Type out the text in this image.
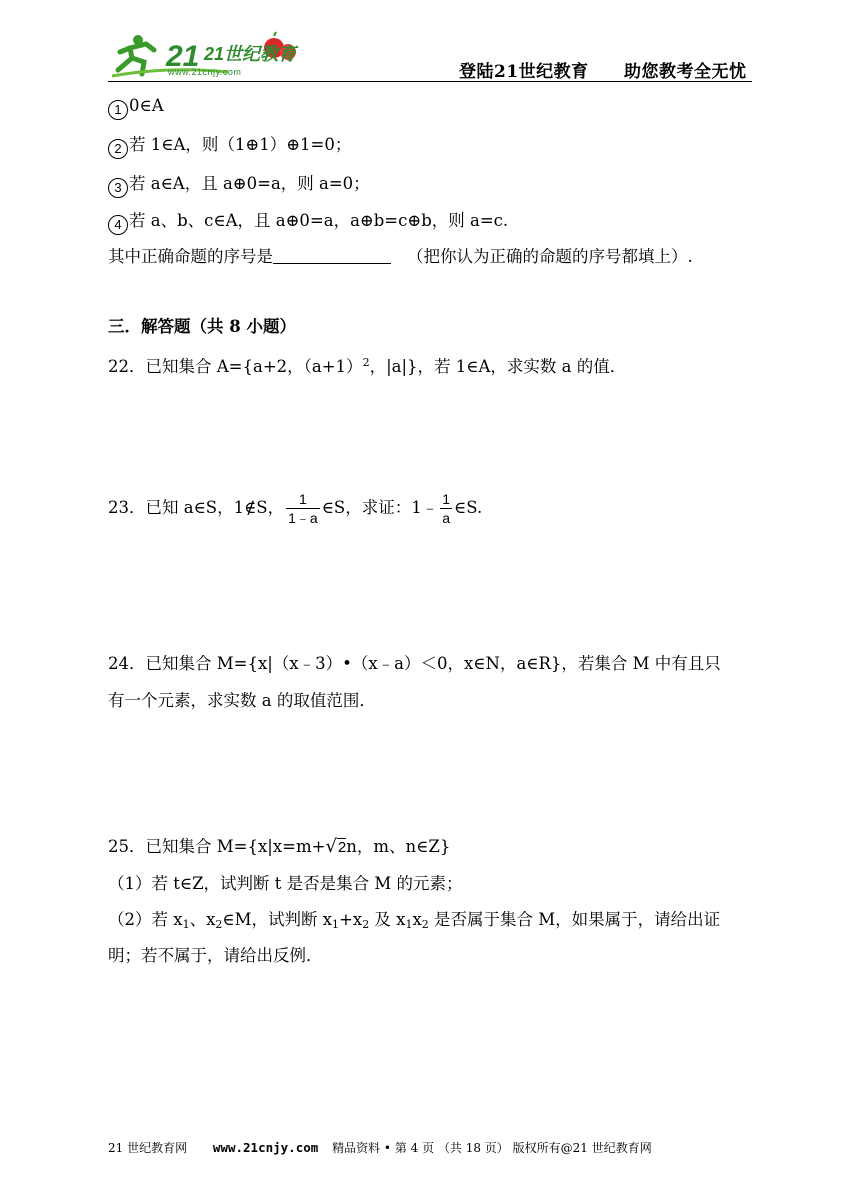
21 21世纪教育
www.21cnjy.com	登陆21世纪教育 助您教考全无忧
1 0∈A
2 若 1∈A，则（1⊕1）⊕1=0；
3 若 a∈A，且 a⊕0=a，则 a=0；
4 若 a、b、c∈A，且 a⊕0=a，a⊕b=c⊕b，则 a=c.
其中正确命题的序号是	（把你认为正确的命题的序号都填上）.
三．解答题（共 8 小题）
22．已知集合 A={a+2，$(a+1)^2$，|a|}，若 1∈A，求实数 a 的值．
23．已知 a∈S，1∉S， $\frac{1}{1﹣a}$ ∈S，求证：1﹣ $\frac{1}{a}$ ∈S.
24．已知集合 M={x|（x﹣3）•（x﹣a）＜0，x∈N，a∈R}，若集合 M 中有且只
有一个元素，求实数 a 的取值范围．
25．已知集合 M={x|x=m+√2n，m、n∈Z}
（1）若 t∈Z，试判断 t 是否是集合 M 的元素；
（2）若 $x_1$、$x_2\in M$，试判断 $x_1+x_2$ 及 $x_1x_2$ 是否属于集合 M，如果属于，请给出证
明；若不属于，请给出反例．
21 世纪教育网 www.21cnjy.com 精品资料 • 第 4 页 （共 18 页） 版权所有@21 世纪教育网
